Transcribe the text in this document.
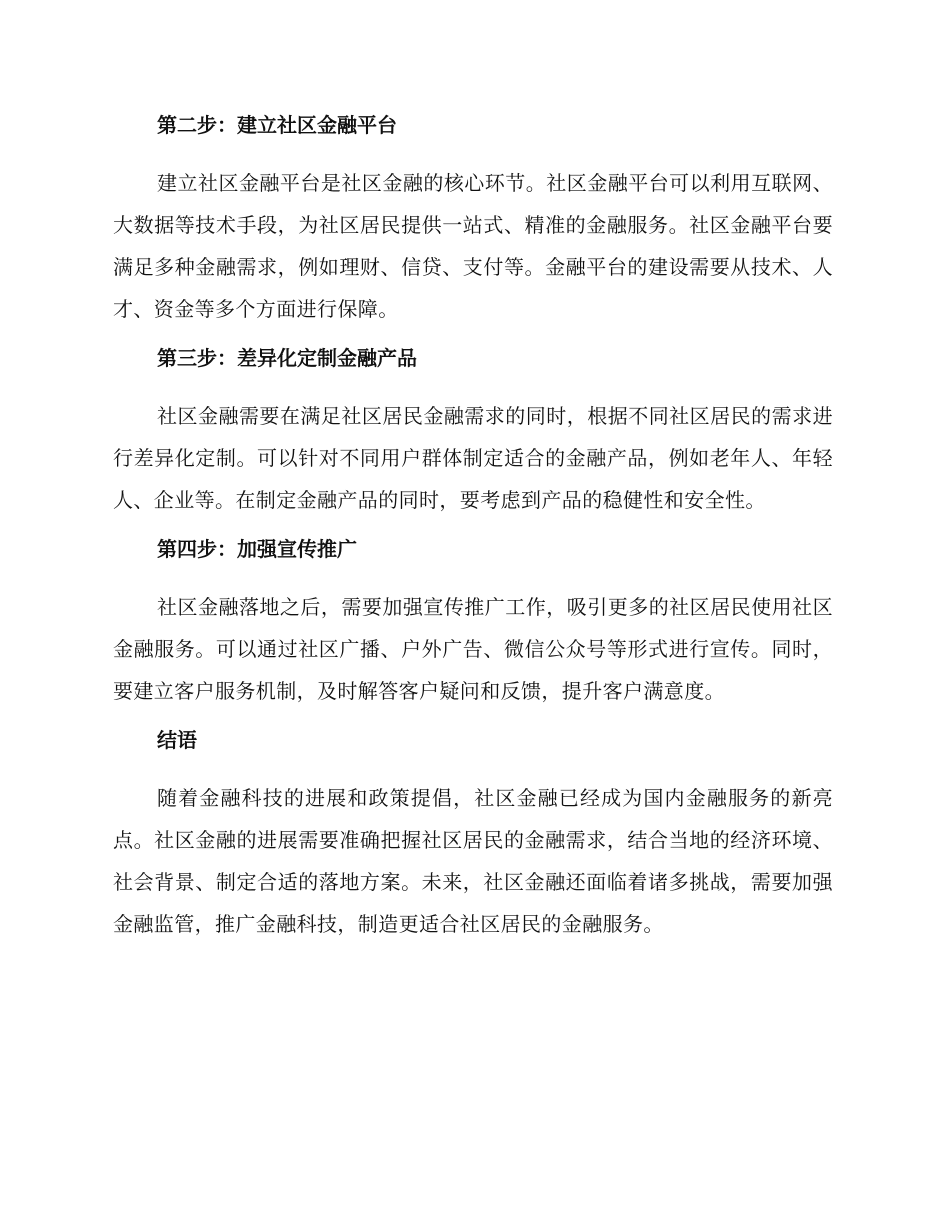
第二步：建立社区金融平台

建立社区金融平台是社区金融的核心环节。社区金融平台可以利用互联网、大数据等技术手段，为社区居民提供一站式、精准的金融服务。社区金融平台要满足多种金融需求，例如理财、信贷、支付等。金融平台的建设需要从技术、人才、资金等多个方面进行保障。

第三步：差异化定制金融产品

社区金融需要在满足社区居民金融需求的同时，根据不同社区居民的需求进行差异化定制。可以针对不同用户群体制定适合的金融产品，例如老年人、年轻人、企业等。在制定金融产品的同时，要考虑到产品的稳健性和安全性。

第四步：加强宣传推广

社区金融落地之后，需要加强宣传推广工作，吸引更多的社区居民使用社区金融服务。可以通过社区广播、户外广告、微信公众号等形式进行宣传。同时，要建立客户服务机制，及时解答客户疑问和反馈，提升客户满意度。

结语

随着金融科技的进展和政策提倡，社区金融已经成为国内金融服务的新亮点。社区金融的进展需要准确把握社区居民的金融需求，结合当地的经济环境、社会背景、制定合适的落地方案。未来，社区金融还面临着诸多挑战，需要加强金融监管，推广金融科技，制造更适合社区居民的金融服务。
